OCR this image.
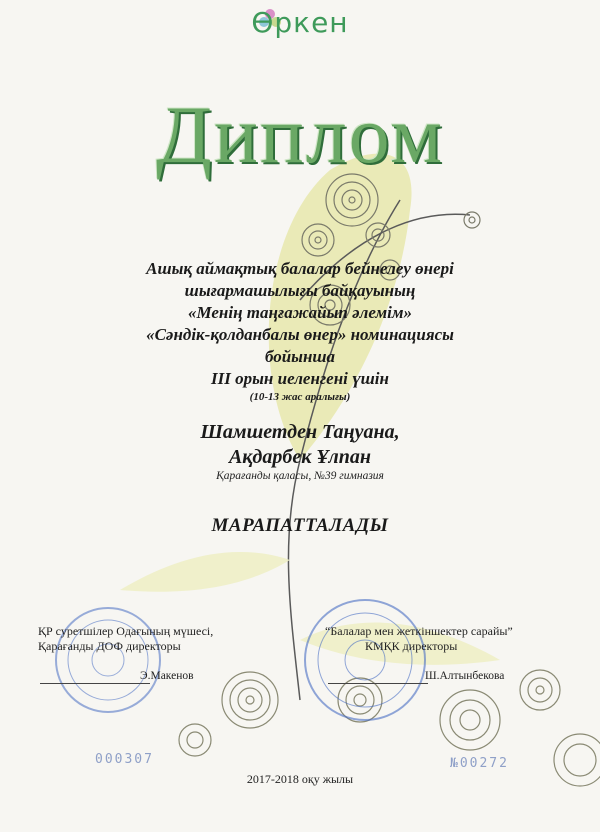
Өркен
Диплом
Ашық аймақтық балалар бейнелеу өнері
шығармашылығы байқауының
«Менің таңғажайып әлемім»
«Сәндік-қолданбалы өнер» номинациясы
бойынша
III орын иеленгені үшін
(10-13 жас аралығы)
Шамшетден Таңуана,
Ақдарбек Ұлпан
Қарағанды қаласы, №39 гимназия
МАРАПАТТАЛАДЫ
ҚР суретшілер Одағының мүшесі,
Қарағанды ДОФ директоры
Э.Макенов
“Балалар мен жеткіншектер сарайы”
КМҚК директоры
Ш.Алтынбекова
000307	№00272
2017-2018 оқу жылы
